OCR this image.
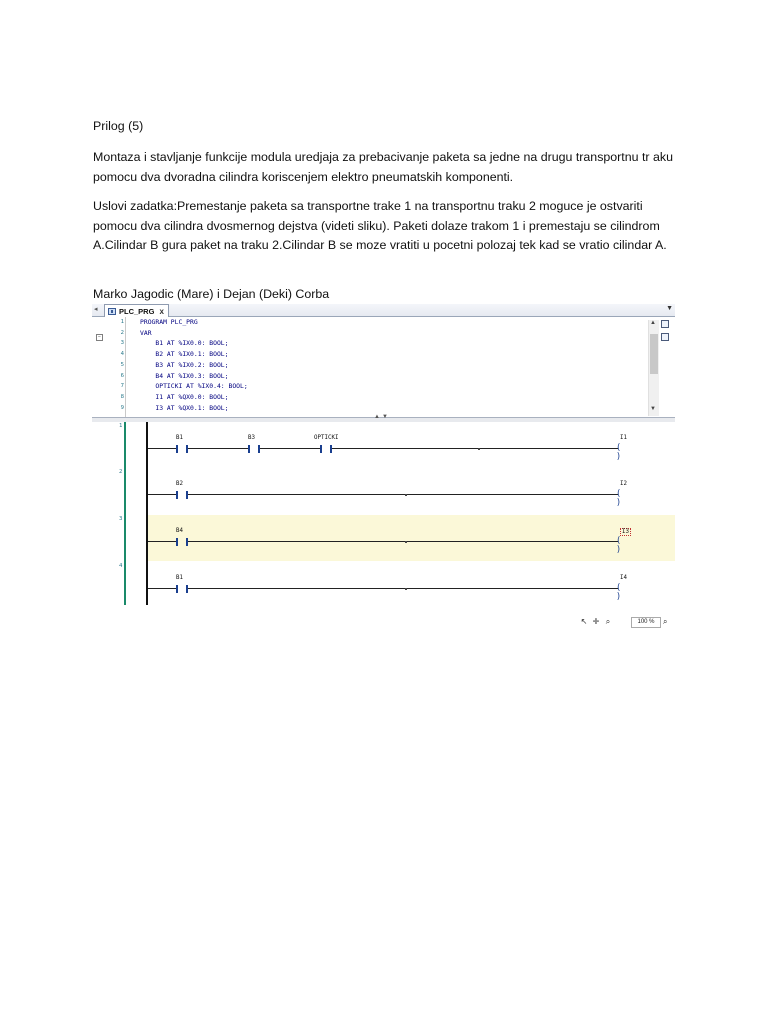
Prilog (5)

Montaza i stavljanje funkcije modula uredjaja za prebacivanje paketa sa jedne na drugu transportnu tr aku pomocu dva dvoradna cilindra koriscenjem elektro pneumatskih komponenti.

Uslovi zadatka:Premestanje paketa sa transportne trake 1 na transportnu traku 2 moguce je ostvariti pomocu dva cilindra dvosmernog dejstva (videti sliku). Paketi dolaze trakom 1 i premestaju se cilindrom A.Cilindar B gura paket na traku 2.Cilindar B se moze vratiti u pocetni polozaj tek kad se vratio cilindar A.

Marko Jagodic (Mare) i Dejan (Deki) Corba

◂	PLC_PRG x	▼
−
1
2
3
4
5
6
7
8
9
PROGRAM PLC_PRG
VAR
B1 AT %IX0.0: BOOL;
B2 AT %IX0.1: BOOL;
B3 AT %IX0.2: BOOL;
B4 AT %IX0.3: BOOL;
OPTICKI AT %IX0.4: BOOL;
I1 AT %QX0.0: BOOL;
I3 AT %QX0.1: BOOL;
▲
▼
▲▼
1
B1	B3	OPTICKI	I1
( )
2
B2	I2
( )
3
B4	I3
( )
4
B1	I4
( )
↖ ✛ ⌕	100 %	⌕
